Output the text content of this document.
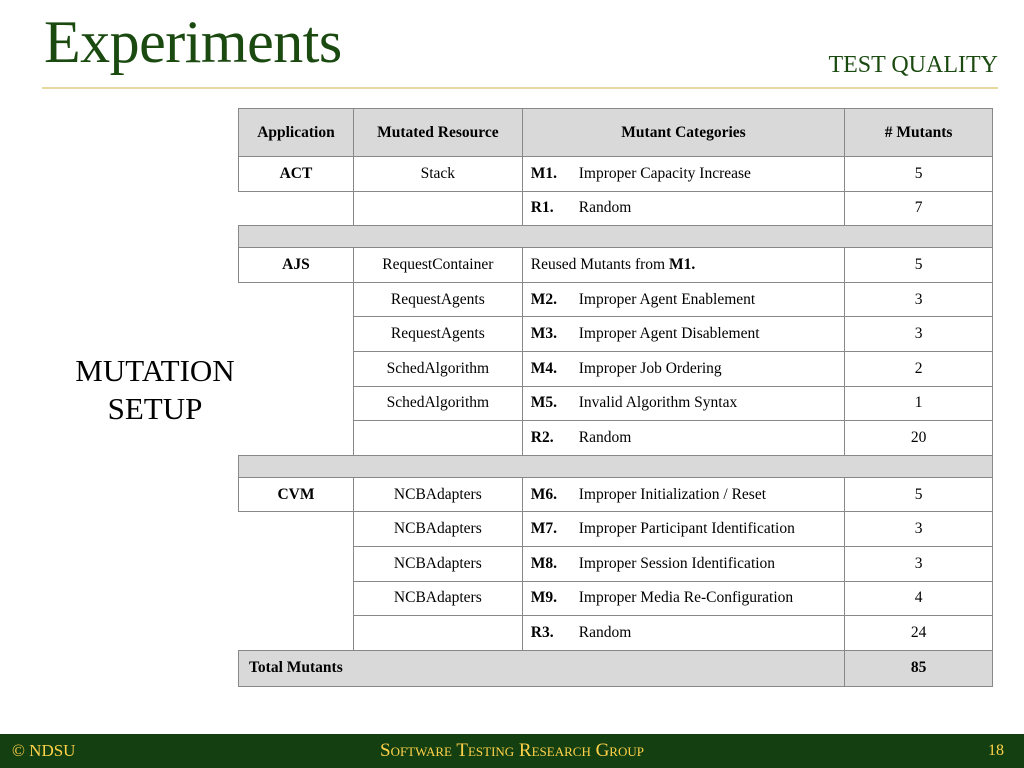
Experiments	TEST QUALITY
MUTATION
SETUP
Application	Mutated Resource	Mutant Categories	# Mutants
ACT	Stack	M1. Improper Capacity Increase	5
		R1. Random	7

AJS	RequestContainer	Reused Mutants from M1.	5
	RequestAgents	M2. Improper Agent Enablement	3
	RequestAgents	M3. Improper Agent Disablement	3
	SchedAlgorithm	M4. Improper Job Ordering	2
	SchedAlgorithm	M5. Invalid Algorithm Syntax	1
		R2. Random	20

CVM	NCBAdapters	M6. Improper Initialization / Reset	5
	NCBAdapters	M7. Improper Participant Identification	3
	NCBAdapters	M8. Improper Session Identification	3
	NCBAdapters	M9. Improper Media Re-Configuration	4
		R3. Random	24
Total Mutants			85
© NDSU	Software Testing Research Group	18
